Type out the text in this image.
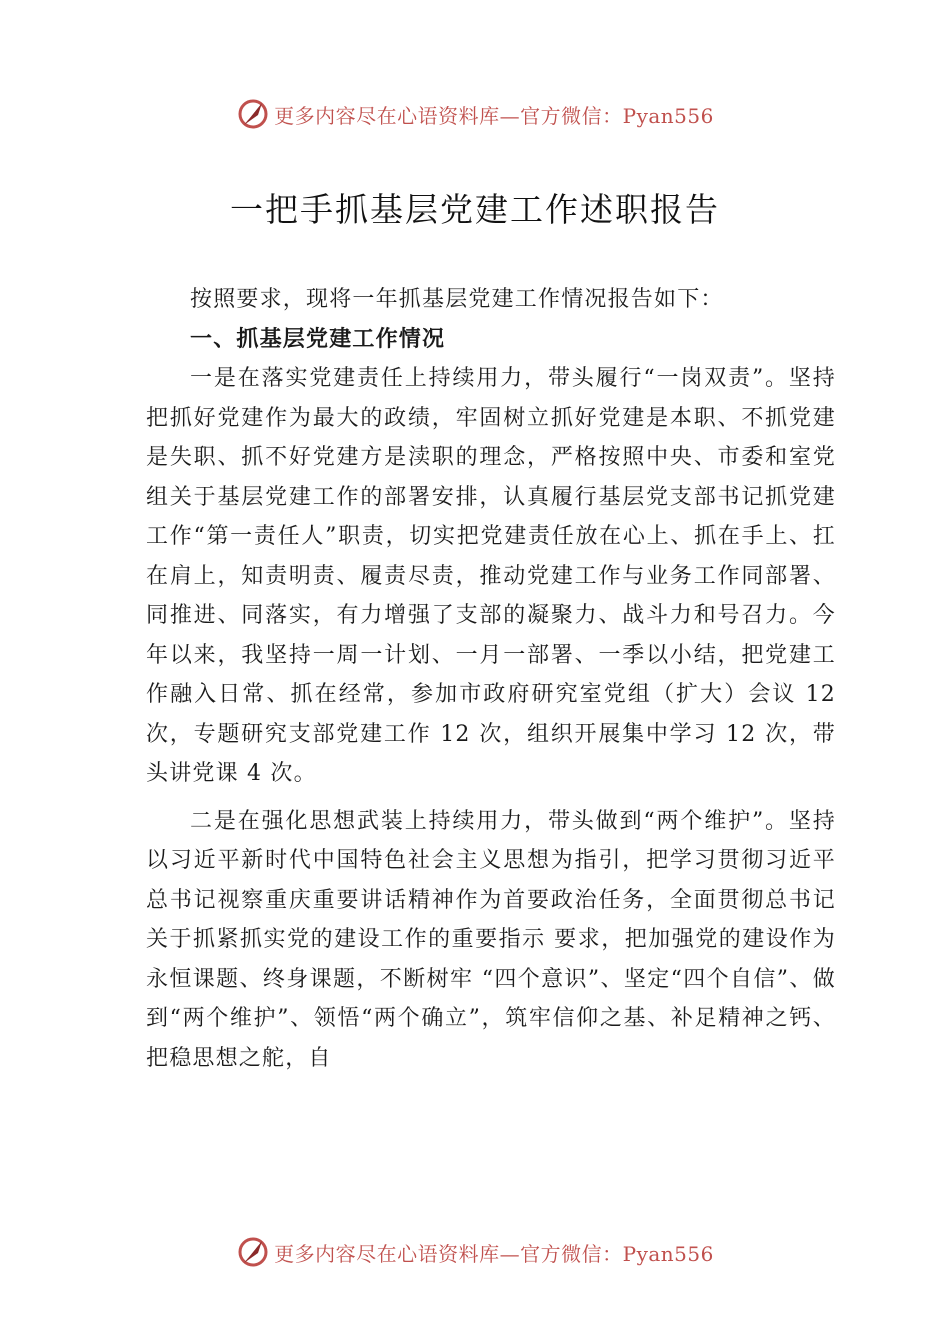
更多内容尽在心语资料库—官方微信：Pyan556
一把手抓基层党建工作述职报告

按照要求，现将一年抓基层党建工作情况报告如下：

一、抓基层党建工作情况

一是在落实党建责任上持续用力，带头履行“一岗双责”。坚持把抓好党建作为最大的政绩，牢固树立抓好党建是本职、不抓党建是失职、抓不好党建方是渎职的理念，严格按照中央、市委和室党组关于基层党建工作的部署安排，认真履行基层党支部书记抓党建工作“第一责任人”职责，切实把党建责任放在心上、抓在手上、扛在肩上，知责明责、履责尽责，推动党建工作与业务工作同部署、同推进、同落实，有力增强了支部的凝聚力、战斗力和号召力。今年以来，我坚持一周一计划、一月一部署、一季以小结，把党建工作融入日常、抓在经常，参加市政府研究室党组（扩大）会议 12 次，专题研究支部党建工作 12 次，组织开展集中学习 12 次，带头讲党课 4 次。

二是在强化思想武装上持续用力，带头做到“两个维护”。坚持以习近平新时代中国特色社会主义思想为指引，把学习贯彻习近平总书记视察重庆重要讲话精神作为首要政治任务，全面贯彻总书记关于抓紧抓实党的建设工作的重要指示 要求，把加强党的建设作为永恒课题、终身课题，不断树牢 “四个意识”、坚定“四个自信”、做到“两个维护”、领悟“两个确立”，筑牢信仰之基、补足精神之钙、把稳思想之舵，自

更多内容尽在心语资料库—官方微信：Pyan556
